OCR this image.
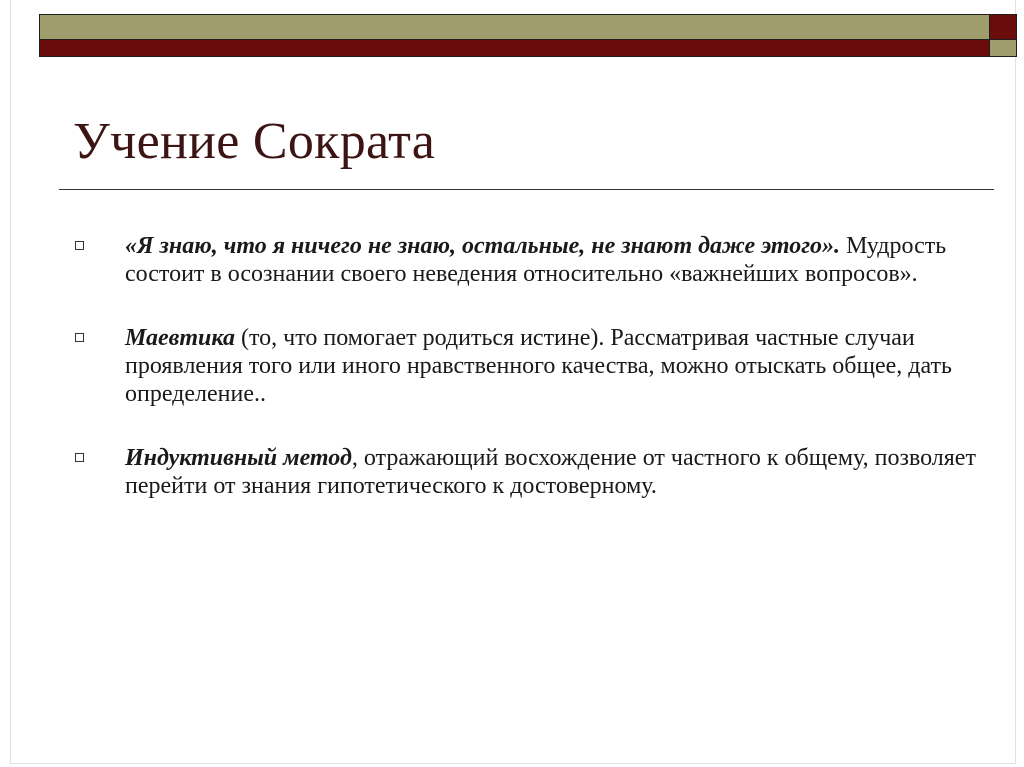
Учение Сократа
«Я знаю, что я ничего не знаю, остальные, не знают даже этого». Мудрость состоит в осознании своего неведения относительно «важнейших вопросов».
Маевтика (то, что помогает родиться истине). Рассматривая частные случаи проявления того или иного нравственного качества, можно отыскать общее, дать определение..
Индуктивный метод, отражающий восхождение от частного к общему, позволяет перейти от знания гипотетического к достоверному.
